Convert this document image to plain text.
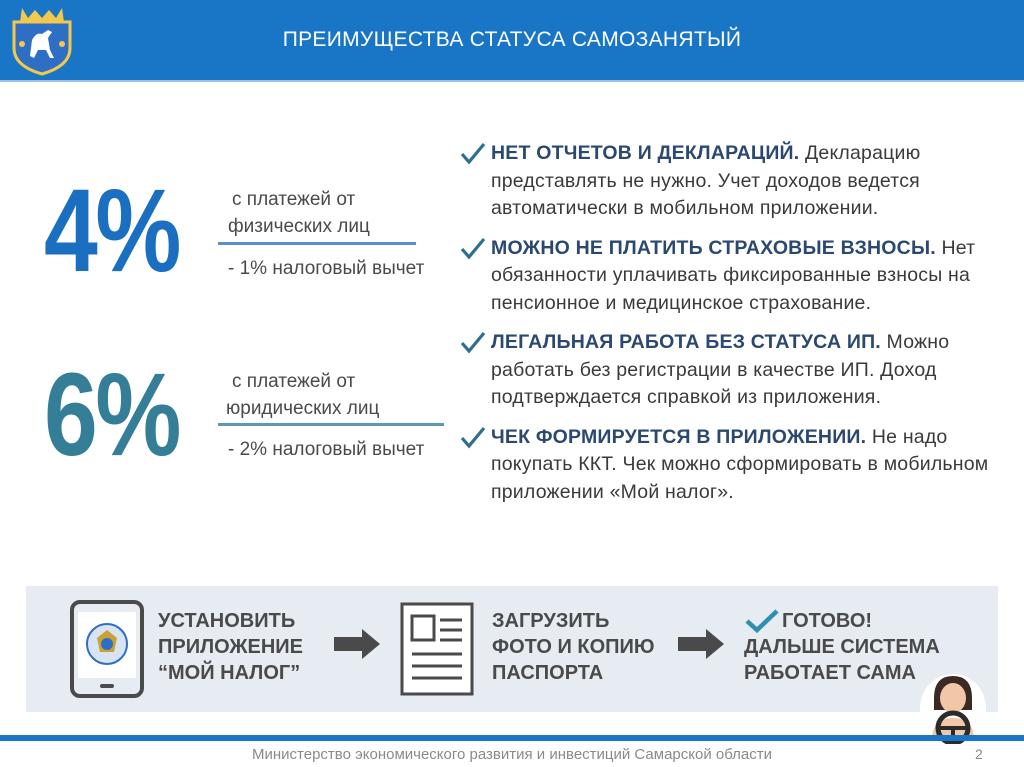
ПРЕИМУЩЕСТВА СТАТУСА САМОЗАНЯТЫЙ
4%	с платежей от
физических лиц
- 1% налоговый вычет
6%	с платежей от
юридических лиц
- 2% налоговый вычет

НЕТ ОТЧЕТОВ И ДЕКЛАРАЦИЙ. Декларацию представлять не нужно. Учет доходов ведется автоматически в мобильном приложении.

МОЖНО НЕ ПЛАТИТЬ СТРАХОВЫЕ ВЗНОСЫ. Нет обязанности уплачивать фиксированные взносы на пенсионное и медицинское страхование.

ЛЕГАЛЬНАЯ РАБОТА БЕЗ СТАТУСА ИП. Можно работать без регистрации в качестве ИП. Доход подтверждается справкой из приложения.

ЧЕК ФОРМИРУЕТСЯ В ПРИЛОЖЕНИИ. Не надо покупать ККТ. Чек можно сформировать в мобильном приложении «Мой налог».

УСТАНОВИТЬ
ПРИЛОЖЕНИЕ
“МОЙ НАЛОГ”
ЗАГРУЗИТЬ
ФОТО И КОПИЮ
ПАСПОРТА
ГОТОВО!
ДАЛЬШЕ СИСТЕМА
РАБОТАЕТ САМА
Министерство экономического развития и инвестиций Самарской области	2
